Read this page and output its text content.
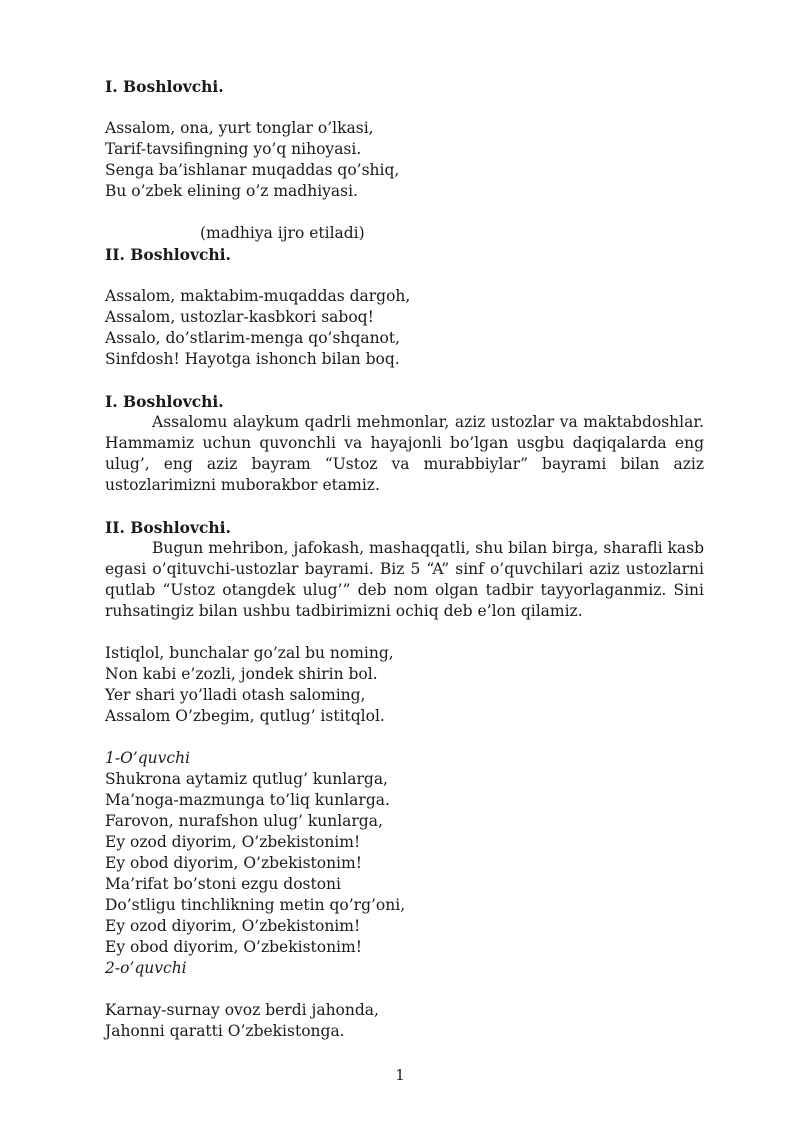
I. Boshlovchi.

Assalom, ona, yurt tonglar o’lkasi,

Tarif-tavsifingning yo’q nihoyasi.

Senga ba’ishlanar muqaddas qo’shiq,

Bu o’zbek elining o’z madhiyasi.

(madhiya ijro etiladi)

II. Boshlovchi.

Assalom, maktabim-muqaddas dargoh,

Assalom, ustozlar-kasbkori saboq!

Assalo, do’stlarim-menga qo’shqanot,

Sinfdosh! Hayotga ishonch bilan boq.

I. Boshlovchi.

Assalomu alaykum qadrli mehmonlar, aziz ustozlar va maktabdoshlar. Hammamiz uchun quvonchli va hayajonli bo’lgan usgbu daqiqalarda eng ulug’, eng aziz bayram “Ustoz va murabbiylar” bayrami bilan aziz ustozlarimizni muborakbor etamiz.

II. Boshlovchi.

Bugun mehribon, jafokash, mashaqqatli, shu bilan birga, sharafli kasb egasi o’qituvchi-ustozlar bayrami. Biz 5 “A” sinf o’quvchilari aziz ustozlarni qutlab “Ustoz otangdek ulug’” deb nom olgan tadbir tayyorlaganmiz. Sini ruhsatingiz bilan ushbu tadbirimizni ochiq deb e’lon qilamiz.

Istiqlol, bunchalar go’zal bu noming,

Non kabi e’zozli, jondek shirin bol.

Yer shari yo’lladi otash saloming,

Assalom O’zbegim, qutlug’ istitqlol.

1-O’quvchi

Shukrona aytamiz qutlug’ kunlarga,

Ma’noga-mazmunga to’liq kunlarga.

Farovon, nurafshon ulug’ kunlarga,

Ey ozod diyorim, O’zbekistonim!

Ey obod diyorim, O’zbekistonim!

Ma’rifat bo’stoni ezgu dostoni

Do’stligu tinchlikning metin qo’rg’oni,

Ey ozod diyorim, O’zbekistonim!

Ey obod diyorim, O’zbekistonim!

2-o’quvchi

Karnay-surnay ovoz berdi jahonda,

Jahonni qaratti O’zbekistonga.

1
